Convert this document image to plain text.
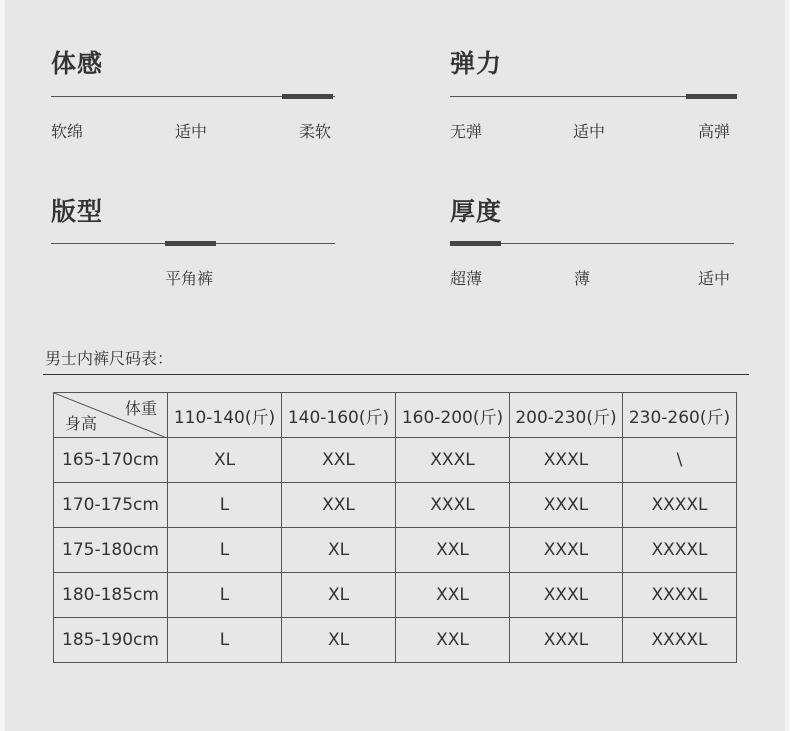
体感
软绵	适中	柔软
弹力
无弹	适中	高弹
版型
平角裤
厚度
超薄	薄	适中
男士内裤尺码表：
体重
身高	110-140(斤)	140-160(斤)	160-200(斤)	200-230(斤)	230-260(斤)
165-170cm	XL	XXL	XXXL	XXXL	\
170-175cm	L	XXL	XXXL	XXXL	XXXXL
175-180cm	L	XL	XXL	XXXL	XXXXL
180-185cm	L	XL	XXL	XXXL	XXXXL
185-190cm	L	XL	XXL	XXXL	XXXXL
